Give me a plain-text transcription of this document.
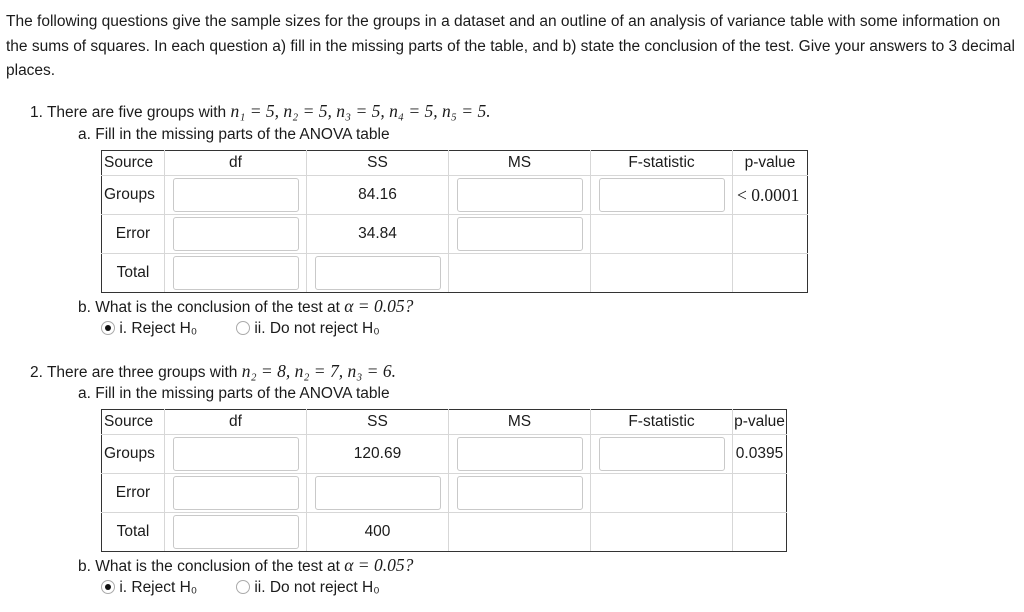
The following questions give the sample sizes for the groups in a dataset and an outline of an analysis of variance table with some information on the sums of squares. In each question a) fill in the missing parts of the table, and b) state the conclusion of the test. Give your answers to 3 decimal places.
1. There are five groups with n₁ = 5, n₂ = 5, n₃ = 5, n₄ = 5, n₅ = 5.
a. Fill in the missing parts of the ANOVA table
Source	df	SS	MS	F-statistic	p-value
Groups		84.16			< 0.0001
Error		34.84	

Total	

b. What is the conclusion of the test at α = 0.05?
i. Reject H₀	ii. Do not reject H₀
2. There are three groups with n₂ = 8, n₂ = 7, n₃ = 6.
a. Fill in the missing parts of the ANOVA table
Source	df	SS	MS	F-statistic	p-value
Groups		120.69			0.0395
Error	

Total		400			
b. What is the conclusion of the test at α = 0.05?
i. Reject H₀	ii. Do not reject H₀
